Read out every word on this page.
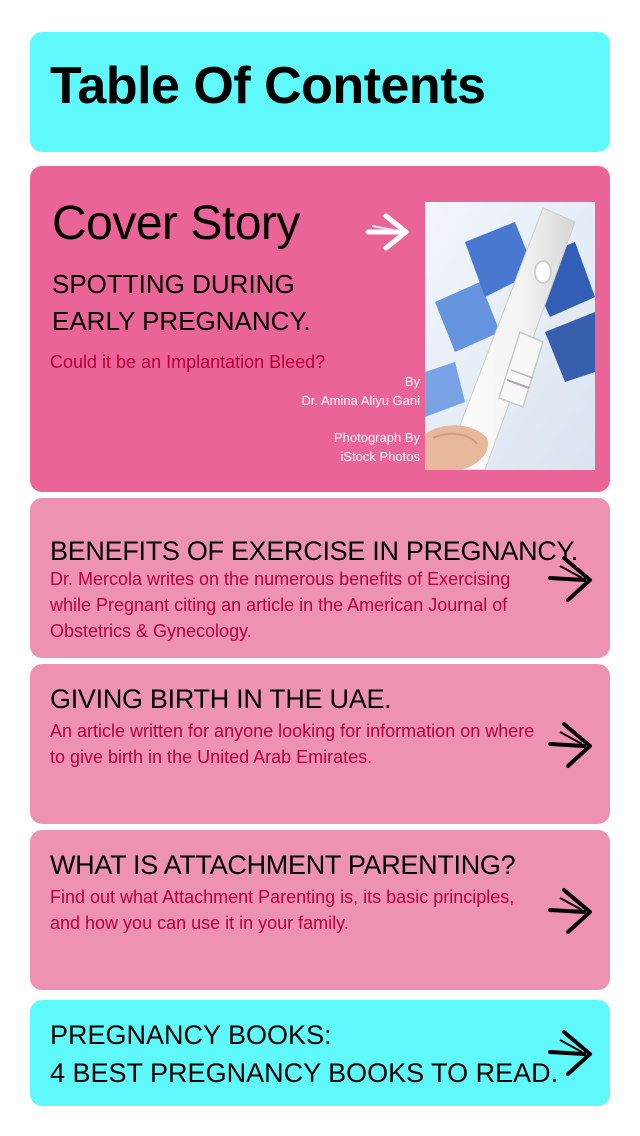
Table Of Contents
Cover Story
SPOTTING DURING
EARLY PREGNANCY.
Could it be an Implantation Bleed?
By
Dr. Amina Aliyu Gani
Photograph By
iStock Photos
BENEFITS OF EXERCISE IN PREGNANCY.
Dr. Mercola writes on the numerous benefits of Exercising while Pregnant citing an article in the American Journal of Obstetrics & Gynecology.
GIVING BIRTH IN THE UAE.
An article written for anyone looking for information on where to give birth in the United Arab Emirates.
WHAT IS ATTACHMENT PARENTING?
Find out what Attachment Parenting is, its basic principles, and how you can use it in your family.
PREGNANCY BOOKS:
4 BEST PREGNANCY BOOKS TO READ.
